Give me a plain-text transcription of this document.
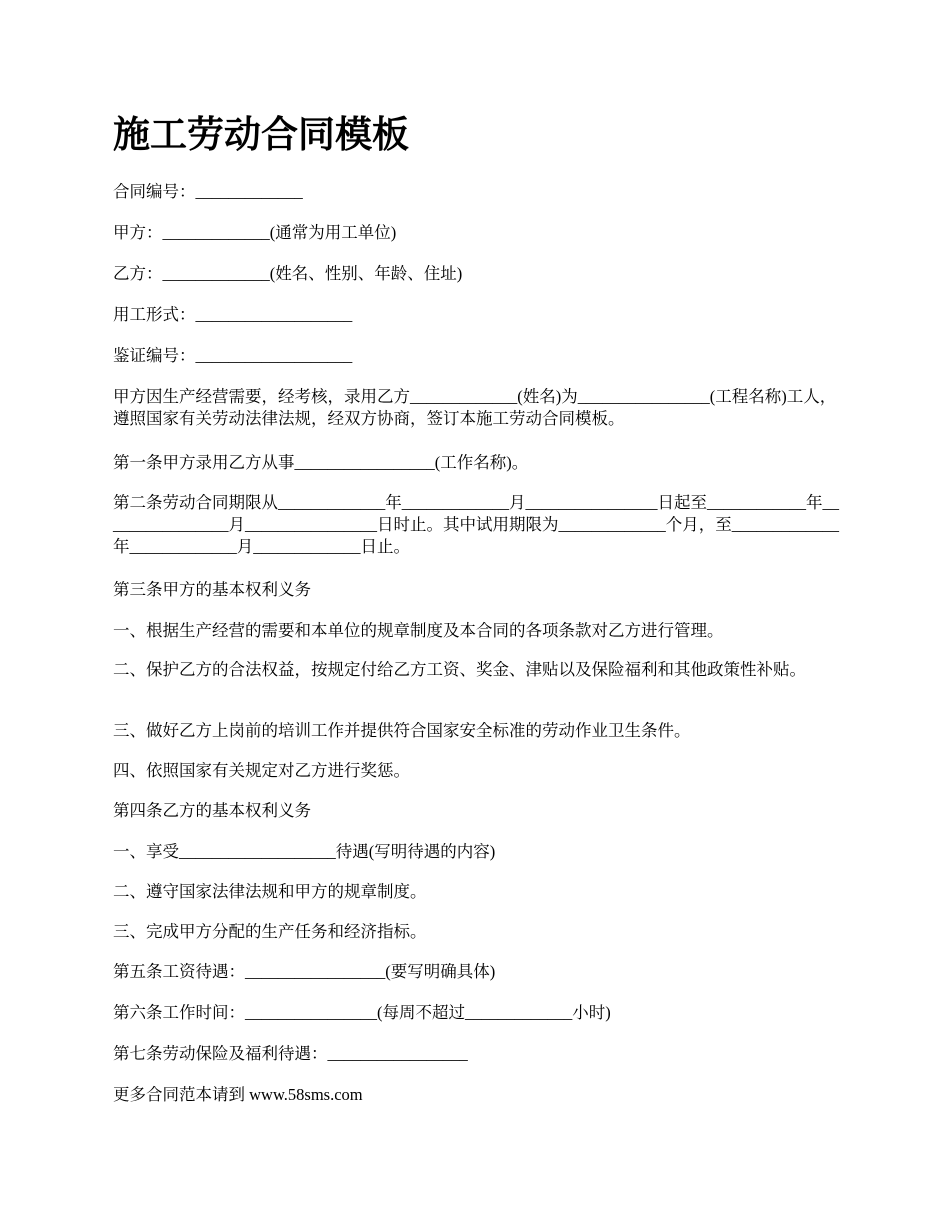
施工劳动合同模板

合同编号：_____________

甲方：_____________(通常为用工单位)

乙方：_____________(姓名、性别、年龄、住址)

用工形式：___________________

鉴证编号：___________________

甲方因生产经营需要，经考核，录用乙方_____________(姓名)为________________(工程名称)工人，遵照国家有关劳动法律法规，经双方协商，签订本施工劳动合同模板。

第一条甲方录用乙方从事_________________(工作名称)。

第二条劳动合同期限从_____________年_____________月________________日起至____________年________________月________________日时止。其中试用期限为_____________个月，至_____________年_____________月_____________日止。

第三条甲方的基本权利义务

一、根据生产经营的需要和本单位的规章制度及本合同的各项条款对乙方进行管理。

二、保护乙方的合法权益，按规定付给乙方工资、奖金、津贴以及保险福利和其他政策性补贴。

三、做好乙方上岗前的培训工作并提供符合国家安全标准的劳动作业卫生条件。

四、依照国家有关规定对乙方进行奖惩。

第四条乙方的基本权利义务

一、享受___________________待遇(写明待遇的内容)

二、遵守国家法律法规和甲方的规章制度。

三、完成甲方分配的生产任务和经济指标。

第五条工资待遇：_________________(要写明确具体)

第六条工作时间：________________(每周不超过_____________小时)

第七条劳动保险及福利待遇：_________________

更多合同范本请到 www.58sms.com
